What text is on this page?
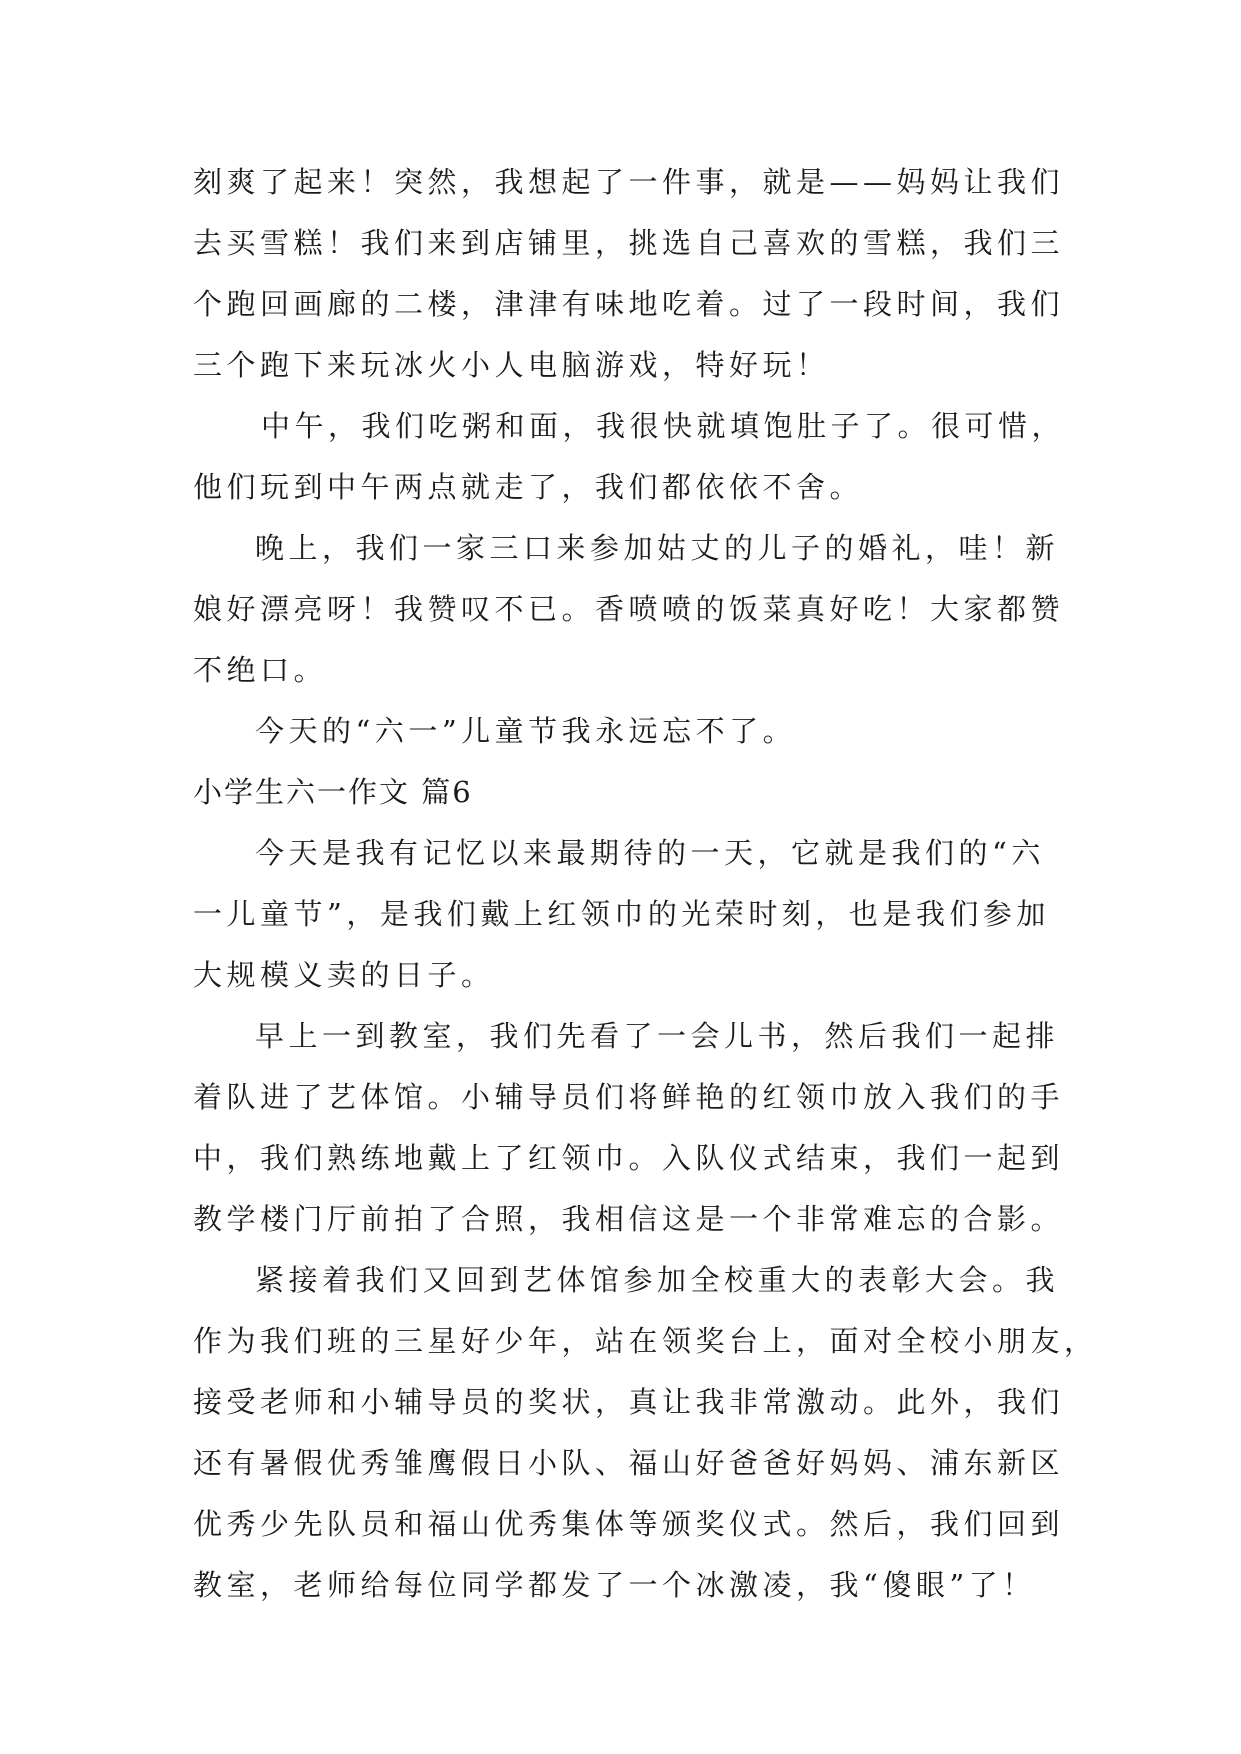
刻爽了起来！突然，我想起了一件事，就是——妈妈让我们
去买雪糕！我们来到店铺里，挑选自己喜欢的雪糕，我们三
个跑回画廊的二楼，津津有味地吃着。过了一段时间，我们
三个跑下来玩冰火小人电脑游戏，特好玩！
中午，我们吃粥和面，我很快就填饱肚子了。很可惜，
他们玩到中午两点就走了，我们都依依不舍。
晚上，我们一家三口来参加姑丈的儿子的婚礼，哇！新
娘好漂亮呀！我赞叹不已。香喷喷的饭菜真好吃！大家都赞
不绝口。
今天的“六一”儿童节我永远忘不了。
小学生六一作文 篇6
今天是我有记忆以来最期待的一天，它就是我们的“六
一儿童节”，是我们戴上红领巾的光荣时刻，也是我们参加
大规模义卖的日子。
早上一到教室，我们先看了一会儿书，然后我们一起排
着队进了艺体馆。小辅导员们将鲜艳的红领巾放入我们的手
中，我们熟练地戴上了红领巾。入队仪式结束，我们一起到
教学楼门厅前拍了合照，我相信这是一个非常难忘的合影。
紧接着我们又回到艺体馆参加全校重大的表彰大会。我
作为我们班的三星好少年，站在领奖台上，面对全校小朋友，
接受老师和小辅导员的奖状，真让我非常激动。此外，我们
还有暑假优秀雏鹰假日小队、福山好爸爸好妈妈、浦东新区
优秀少先队员和福山优秀集体等颁奖仪式。然后，我们回到
教室，老师给每位同学都发了一个冰激凌，我“傻眼”了！
